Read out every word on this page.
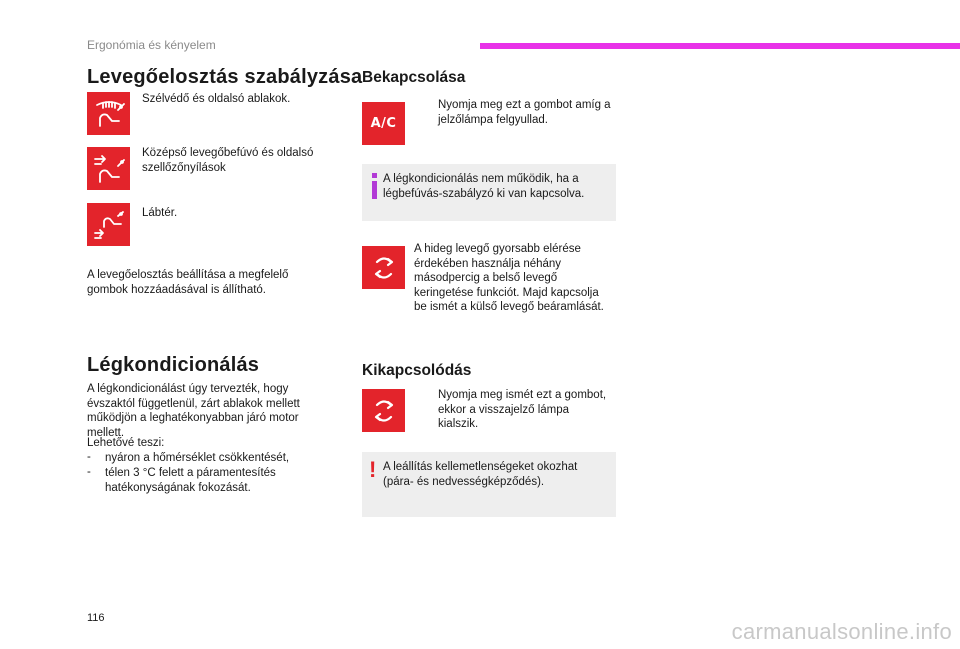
Ergonómia és kényelem
Levegőelosztás szabályzása
Szélvédő és oldalsó ablakok.
Középső levegőbefúvó és oldalsó szellőzőnyílások
Lábtér.
A levegőelosztás beállítása a megfelelő gombok hozzáadásával is állítható.
Légkondicionálás
A légkondicionálást úgy tervezték, hogy évszaktól függetlenül, zárt ablakok mellett működjön a leghatékonyabban járó motor mellett.
Lehetővé teszi:
- nyáron a hőmérséklet csökkentését,
- télen 3 °C felett a páramentesítés hatékonyságának fokozását.
Bekapcsolása
A/C
Nyomja meg ezt a gombot amíg a jelzőlámpa felgyullad.
A légkondicionálás nem működik, ha a légbefúvás-szabályzó ki van kapcsolva.
A hideg levegő gyorsabb elérése érdekében használja néhány másodpercig a belső levegő keringetése funkciót. Majd kapcsolja be ismét a külső levegő beáramlását.
Kikapcsolódás
Nyomja meg ismét ezt a gombot, ekkor a visszajelző lámpa kialszik.
! A leállítás kellemetlenségeket okozhat (pára- és nedvességképződés).
116
carmanualsonline.info
